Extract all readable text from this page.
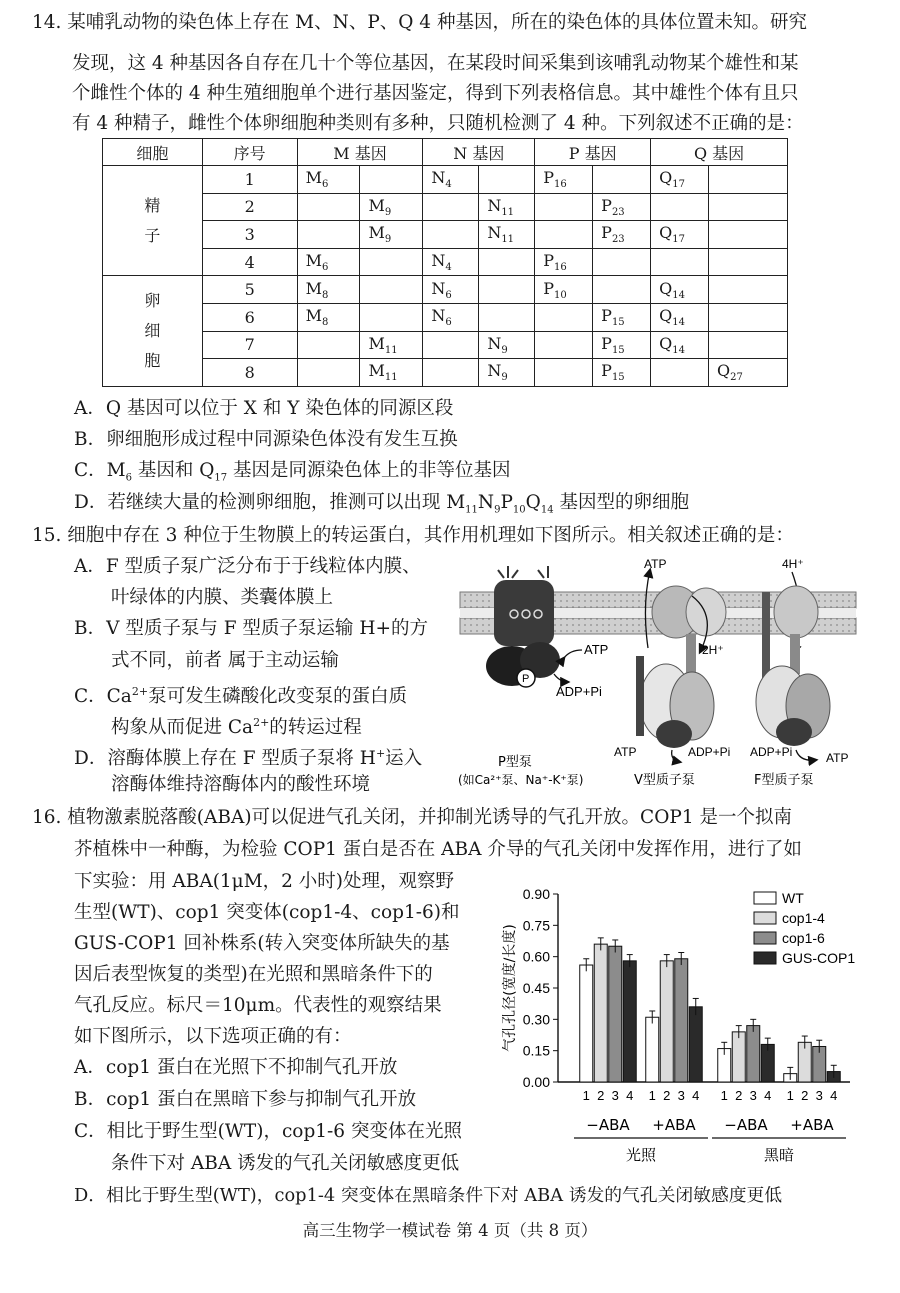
14. 某哺乳动物的染色体上存在 M、N、P、Q 4 种基因，所在的染色体的具体位置未知。研究
发现，这 4 种基因各自存在几十个等位基因，在某段时间采集到该哺乳动物某个雄性和某
个雌性个体的 4 种生殖细胞单个进行基因鉴定，得到下列表格信息。其中雄性个体有且只
有 4 种精子，雌性个体卵细胞种类则有多种，只随机检测了 4 种。下列叙述不正确的是：
细胞	序号	M 基因		N 基因		P 基因		Q 基因	
精
子	1	$M_6$		$N_4$		$P_{16}$		$Q_{17}$	
	2		$M_9$		$N_{11}$		$P_{23}$		
	3		$M_9$		$N_{11}$		$P_{23}$	$Q_{17}$	
	4	$M_6$		$N_4$		$P_{16}$			
卵
细
胞	5	$M_8$		$N_6$		$P_{10}$		$Q_{14}$	
	6	$M_8$		$N_6$			$P_{15}$	$Q_{14}$	
	7		$M_{11}$		$N_9$		$P_{15}$	$Q_{14}$	
	8		$M_{11}$		$N_9$		$P_{15}$		$Q_{27}$
A．Q 基因可以位于 X 和 Y 染色体的同源区段
B．卵细胞形成过程中同源染色体没有发生互换
C．$M_6$ 基因和 $Q_{17}$ 基因是同源染色体上的非等位基因
D．若继续大量的检测卵细胞，推测可以出现 $M_{11}N_9P_{10}Q_{14}$ 基因型的卵细胞
15. 细胞中存在 3 种位于生物膜上的转运蛋白，其作用机理如下图所示。相关叙述正确的是：
A．F 型质子泵广泛分布于于线粒体内膜、
　　叶绿体的内膜、类囊体膜上
B．V 型质子泵与 F 型质子泵运输 H+的方
　　式不同，前者 属于主动运输
C．$Ca^{2+}$泵可发生磷酸化改变泵的蛋白质
　　构象从而促进 $Ca^{2+}$的转运过程
D．溶酶体膜上存在 F 型质子泵将 H+运入
　　溶酶体维持溶酶体内的酸性环境
P
ATP
ADP+Pi
P型泵
(如Ca²⁺泵、Na⁺-K⁺泵)
ATP
2H⁺
ATP	ADP+Pi
V型质子泵
4H⁺
ADP+Pi	ATP
F型质子泵
16. 植物激素脱落酸(ABA)可以促进气孔关闭，并抑制光诱导的气孔开放。COP1 是一个拟南
芥植株中一种酶，为检验 COP1 蛋白是否在 ABA 介导的气孔关闭中发挥作用，进行了如
下实验：用 ABA(1μM，2 小时)处理，观察野
生型(WT)、cop1 突变体(cop1-4、cop1-6)和
GUS-COP1 回补株系(转入突变体所缺失的基
因后表型恢复的类型)在光照和黑暗条件下的
气孔反应。标尺＝10μm。代表性的观察结果
如下图所示，以下选项正确的有：
A．cop1 蛋白在光照下不抑制气孔开放
B．cop1 蛋白在黑暗下参与抑制气孔开放
C．相比于野生型(WT)，cop1-6 突变体在光照
　　条件下对 ABA 诱发的气孔关闭敏感度更低
D．相比于野生型(WT)，cop1-4 突变体在黑暗条件下对 ABA 诱发的气孔关闭敏感度更低
0.00
0.15
0.30
0.45
0.60
0.75
0.90
气孔孔径(宽度/长度)
1 2 3 4
−ABA
1 2 3 4
+ABA
1 2 3 4
−ABA
1 2 3 4
+ABA
光照	黑暗
WT
cop1-4
cop1-6
GUS-COP1
高三生物学一模试卷 第 4 页（共 8 页）
